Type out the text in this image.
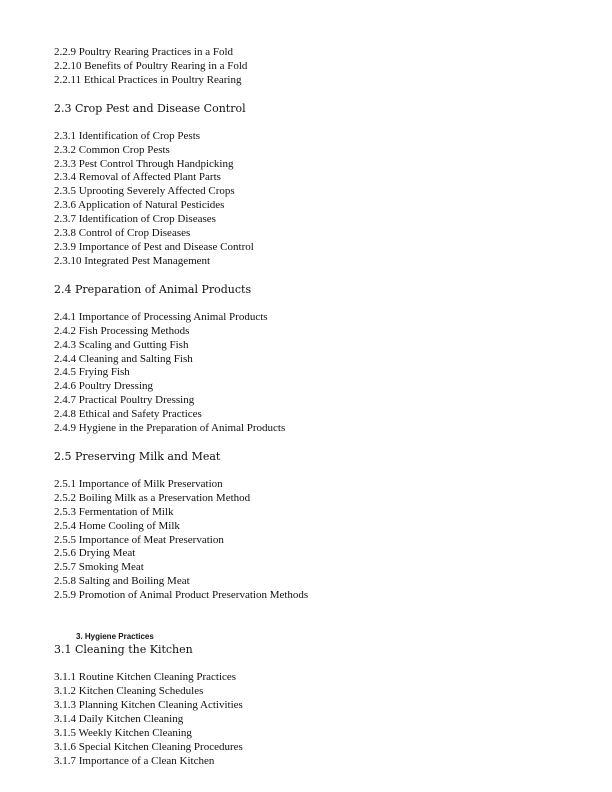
2.2.9 Poultry Rearing Practices in a Fold
2.2.10 Benefits of Poultry Rearing in a Fold
2.2.11 Ethical Practices in Poultry Rearing
2.3 Crop Pest and Disease Control
2.3.1 Identification of Crop Pests
2.3.2 Common Crop Pests
2.3.3 Pest Control Through Handpicking
2.3.4 Removal of Affected Plant Parts
2.3.5 Uprooting Severely Affected Crops
2.3.6 Application of Natural Pesticides
2.3.7 Identification of Crop Diseases
2.3.8 Control of Crop Diseases
2.3.9 Importance of Pest and Disease Control
2.3.10 Integrated Pest Management
2.4 Preparation of Animal Products
2.4.1 Importance of Processing Animal Products
2.4.2 Fish Processing Methods
2.4.3 Scaling and Gutting Fish
2.4.4 Cleaning and Salting Fish
2.4.5 Frying Fish
2.4.6 Poultry Dressing
2.4.7 Practical Poultry Dressing
2.4.8 Ethical and Safety Practices
2.4.9 Hygiene in the Preparation of Animal Products
2.5 Preserving Milk and Meat
2.5.1 Importance of Milk Preservation
2.5.2 Boiling Milk as a Preservation Method
2.5.3 Fermentation of Milk
2.5.4 Home Cooling of Milk
2.5.5 Importance of Meat Preservation
2.5.6 Drying Meat
2.5.7 Smoking Meat
2.5.8 Salting and Boiling Meat
2.5.9 Promotion of Animal Product Preservation Methods
3. Hygiene Practices
3.1 Cleaning the Kitchen
3.1.1 Routine Kitchen Cleaning Practices
3.1.2 Kitchen Cleaning Schedules
3.1.3 Planning Kitchen Cleaning Activities
3.1.4 Daily Kitchen Cleaning
3.1.5 Weekly Kitchen Cleaning
3.1.6 Special Kitchen Cleaning Procedures
3.1.7 Importance of a Clean Kitchen
